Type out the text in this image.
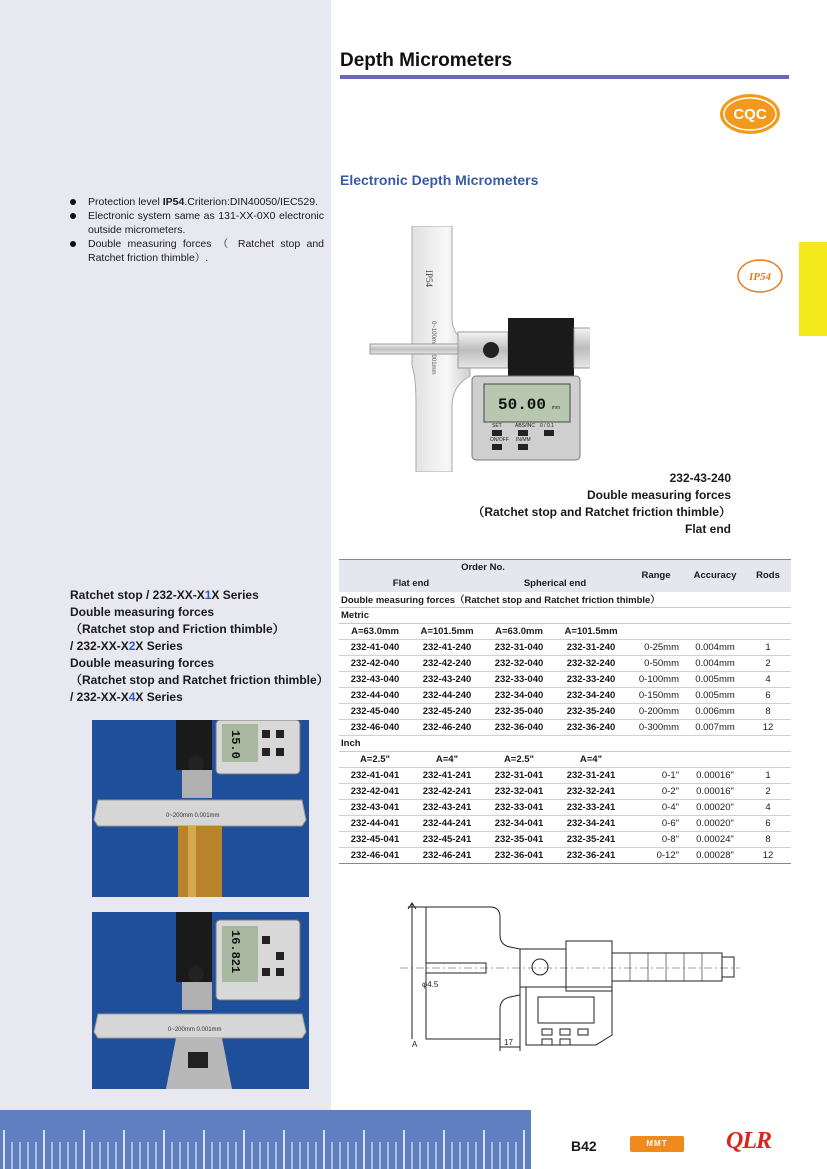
Depth Micrometers
CQC
Electronic Depth Micrometers
Protection level IP54.Criterion:DIN40050/IEC529.
Electronic system same as 131-XX-0X0 electronic outside micrometers.
Double measuring forces （ Ratchet stop and Ratchet friction thimble）.
IP54
50.00 mm
SET	ABS/INC 0 / 0.1
ON/OFF IN/MM
IP54
232-43-240
Double measuring forces
（Ratchet stop and Ratchet friction thimble）
Flat end
Ratchet stop / 232-XX-X1X Series
Double measuring forces
（Ratchet stop and Friction thimble）
/ 232-XX-X2X Series
Double measuring forces
（Ratchet stop and Ratchet friction thimble）
/ 232-XX-X4X Series
Order No.				Range	Accuracy	Rods
Flat end		Spherical end				
Double measuring forces（Ratchet stop and Ratchet friction thimble）						
Metric						
A=63.0mm	A=101.5mm	A=63.0mm	A=101.5mm			
232-41-040	232-41-240	232-31-040	232-31-240	0-25mm	0.004mm	1
232-42-040	232-42-240	232-32-040	232-32-240	0-50mm	0.004mm	2
232-43-040	232-43-240	232-33-040	232-33-240	0-100mm	0.005mm	4
232-44-040	232-44-240	232-34-040	232-34-240	0-150mm	0.005mm	6
232-45-040	232-45-240	232-35-040	232-35-240	0-200mm	0.006mm	8
232-46-040	232-46-240	232-36-040	232-36-240	0-300mm	0.007mm	12
Inch						
A=2.5"	A=4"	A=2.5"	A=4"			
232-41-041	232-41-241	232-31-041	232-31-241	0-1"	0.00016"	1
232-42-041	232-42-241	232-32-041	232-32-241	0-2"	0.00016"	2
232-43-041	232-43-241	232-33-041	232-33-241	0-4"	0.00020"	4
232-44-041	232-44-241	232-34-041	232-34-241	0-6"	0.00020"	6
232-45-041	232-45-241	232-35-041	232-35-241	0-8"	0.00024"	8
232-46-041	232-46-241	232-36-041	232-36-241	0-12"	0.00028"	12
15.0
0~200mm 0.001mm
16.821
0~200mm 0.001mm
φ4.5
A	17
B42	MMT	QLR
